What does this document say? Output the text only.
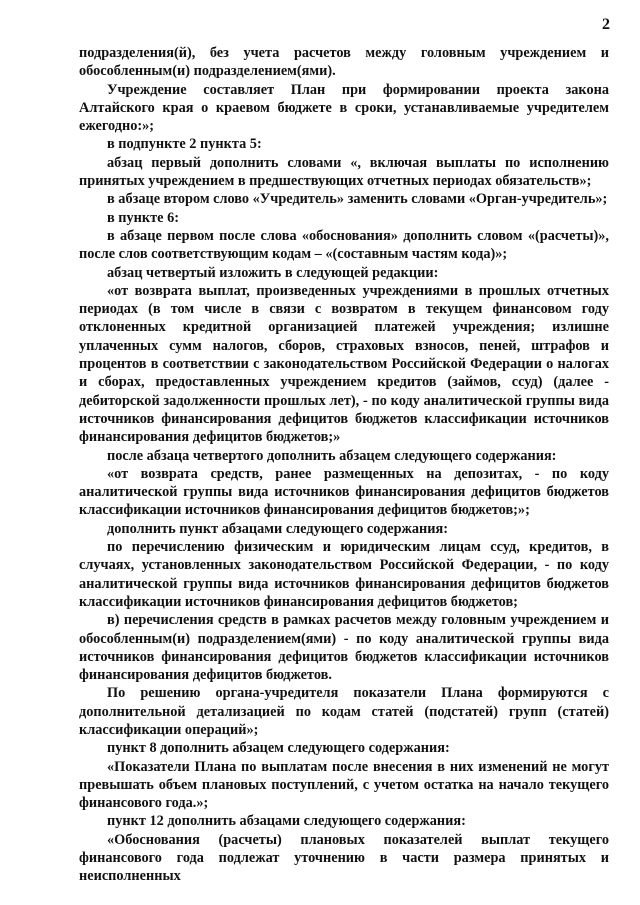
2

подразделения(й), без учета расчетов между головным учреждением и обособленным(и) подразделением(ями).

Учреждение составляет План при формировании проекта закона Алтайского края о краевом бюджете в сроки, устанавливаемые учредителем ежегодно:»;

в подпункте 2 пункта 5:

абзац первый дополнить словами «, включая выплаты по исполнению принятых учреждением в предшествующих отчетных периодах обязательств»;

в абзаце втором слово «Учредитель» заменить словами «Орган-учредитель»;

в пункте 6:

в абзаце первом после слова «обоснования» дополнить словом «(расчеты)», после слов соответствующим кодам – «(составным частям кода)»;

абзац четвертый изложить в следующей редакции:

«от возврата выплат, произведенных учреждениями в прошлых отчетных периодах (в том числе в связи с возвратом в текущем финансовом году отклоненных кредитной организацией платежей учреждения; излишне уплаченных сумм налогов, сборов, страховых взносов, пеней, штрафов и процентов в соответствии с законодательством Российской Федерации о налогах и сборах, предоставленных учреждением кредитов (займов, ссуд) (далее - дебиторской задолженности прошлых лет), - по коду аналитической группы вида источников финансирования дефицитов бюджетов классификации источников финансирования дефицитов бюджетов;»

после абзаца четвертого дополнить абзацем следующего содержания:

«от возврата средств, ранее размещенных на депозитах, - по коду аналитической группы вида источников финансирования дефицитов бюджетов классификации источников финансирования дефицитов бюджетов;»;

дополнить пункт абзацами следующего содержания:

по перечислению физическим и юридическим лицам ссуд, кредитов, в случаях, установленных законодательством Российской Федерации, - по коду аналитической группы вида источников финансирования дефицитов бюджетов классификации источников финансирования дефицитов бюджетов;

в) перечисления средств в рамках расчетов между головным учреждением и обособленным(и) подразделением(ями) - по коду аналитической группы вида источников финансирования дефицитов бюджетов классификации источников финансирования дефицитов бюджетов.

По решению органа-учредителя показатели Плана формируются с дополнительной детализацией по кодам статей (подстатей) групп (статей) классификации операций»;

пункт 8 дополнить абзацем следующего содержания:

«Показатели Плана по выплатам после внесения в них изменений не могут превышать объем плановых поступлений, с учетом остатка на начало текущего финансового года.»;

пункт 12 дополнить абзацами следующего содержания:

«Обоснования (расчеты) плановых показателей выплат текущего финансового года подлежат уточнению в части размера принятых и неисполненных
